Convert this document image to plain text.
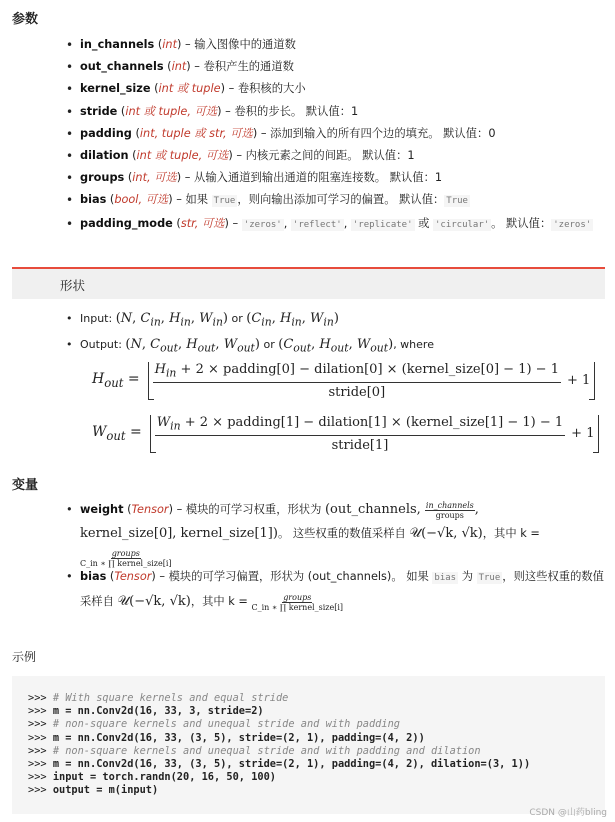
参数
• in_channels (int) – 输入图像中的通道数
• out_channels (int) – 卷积产生的通道数
• kernel_size (int 或 tuple) – 卷积核的大小
• stride (int 或 tuple, 可选) – 卷积的步长。 默认值：1
• padding (int, tuple 或 str, 可选) – 添加到输入的所有四个边的填充。 默认值：0
• dilation (int 或 tuple, 可选) – 内核元素之间的间距。 默认值：1
• groups (int, 可选) – 从输入通道到输出通道的阻塞连接数。 默认值：1
• bias (bool, 可选) – 如果 True ，则向输出添加可学习的偏置。 默认值： True
• padding_mode (str, 可选) – 'zeros' , 'reflect' , 'replicate' 或 'circular' 。 默认值： 'zeros'
形状
• Input: (N, $C_{in}$, $H_{in}$, $W_{in}$) or ($C_{in}$, $H_{in}$, $W_{in}$)
• Output: (N, $C_{out}$, $H_{out}$, $W_{out}$) or ($C_{out}$, $H_{out}$, $W_{out}$), where
$H_{out}$ =
$H_{in} + 2$ × padding[0] − dilation[0] × (kernel_size[0] − 1) − 1
stride[0]
+ 1
$W_{out}$ =
$W_{in} + 2$ × padding[1] − dilation[1] × (kernel_size[1] − 1) − 1
stride[1]
+ 1
变量
• weight (Tensor) – 模块的可学习权重，形状为 (out_channels, in_channels
groups ,
kernel_size[0], kernel_size[1])。 这些权重的数值采样自 𝒰(−√k, √k)，其中 k =

groups
C_in ∗ ∏ kernel_size[i]
• bias (Tensor) – 模块的可学习偏置，形状为 (out_channels)。 如果 bias 为 True ，则这些权重的数值
采样自 𝒰(−√k, √k)，其中 k =	groups
C_in ∗ ∏ kernel_size[i]
示例
>>> # With square kernels and equal stride
>>> m = nn.Conv2d(16, 33, 3, stride=2)
>>> # non-square kernels and unequal stride and with padding
>>> m = nn.Conv2d(16, 33, (3, 5), stride=(2, 1), padding=(4, 2))
>>> # non-square kernels and unequal stride and with padding and dilation
>>> m = nn.Conv2d(16, 33, (3, 5), stride=(2, 1), padding=(4, 2), dilation=(3, 1))
>>> input = torch.randn(20, 16, 50, 100)
>>> output = m(input)
CSDN @山药bling
